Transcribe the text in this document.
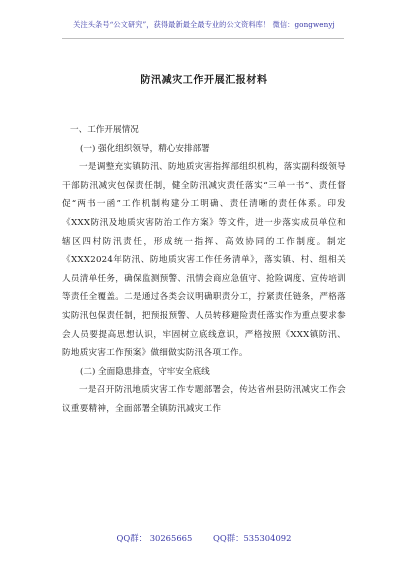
关注头条号“公文研究”，获得最新最全最专业的公文资料库！ 微信：gongwenyj
防汛减灾工作开展汇报材料

一、工作开展情况

(一) 强化组织领导，精心安排部署

一是调整充实镇防汛、防地质灾害指挥部组织机构，落实副科级领导干部防汛减灾包保责任制，健全防汛减灾责任落实“三单一书”、责任督促“两书一函”工作机制构建分工明确、责任清晰的责任体系。印发《XXX防汛及地质灾害防治工作方案》等文件，进一步落实成员单位和辖区四村防汛责任，形成统一指挥、高效协同的工作制度。制定《XXX2024年防汛、防地质灾害工作任务清单》，落实镇、村、组相关人员清单任务，确保监测预警、汛情会商应急值守、抢险调度、宣传培训等责任全覆盖。二是通过各类会议明确职责分工，拧紧责任链条，严格落实防汛包保责任制，把预报预警、人员转移避险责任落实作为重点要求参会人员要提高思想认识，牢固树立底线意识，严格按照《XXX镇防汛、防地质灾害工作预案》做细做实防汛各项工作。

(二) 全面隐患排查，守牢安全底线

一是召开防汛地质灾害工作专题部署会，传达省州县防汛减灾工作会议重要精神，全面部署全镇防汛减灾工作

QQ群： 30265665 QQ群：535304092
